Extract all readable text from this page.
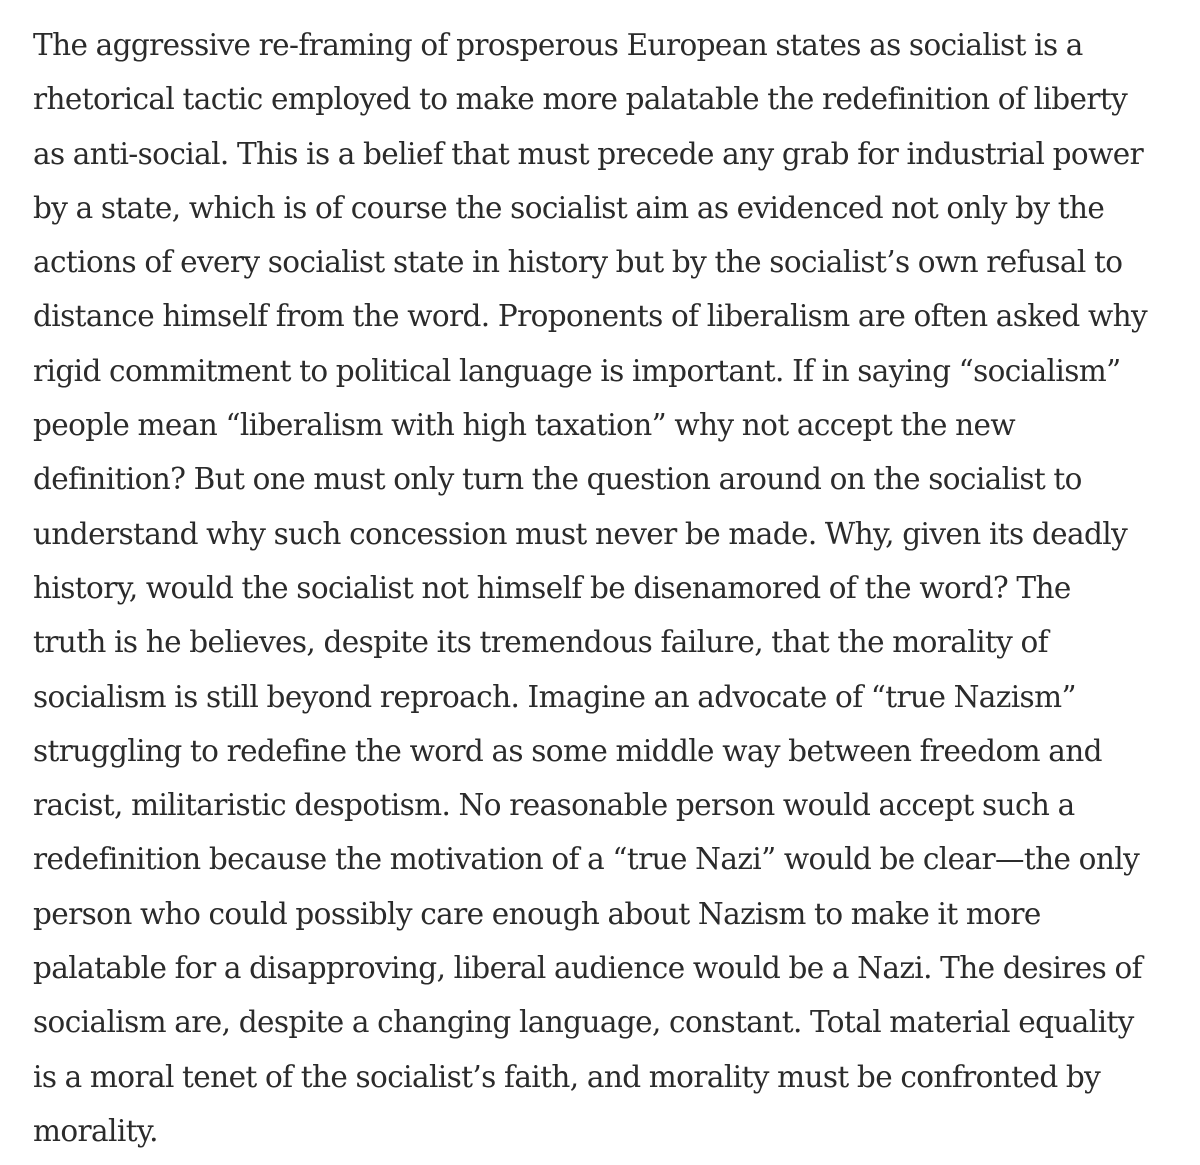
The aggressive re-framing of prosperous European states as socialist is a
rhetorical tactic employed to make more palatable the redefinition of liberty
as anti-social. This is a belief that must precede any grab for industrial power
by a state, which is of course the socialist aim as evidenced not only by the
actions of every socialist state in history but by the socialist’s own refusal to
distance himself from the word. Proponents of liberalism are often asked why
rigid commitment to political language is important. If in saying “socialism”
people mean “liberalism with high taxation” why not accept the new
definition? But one must only turn the question around on the socialist to
understand why such concession must never be made. Why, given its deadly
history, would the socialist not himself be disenamored of the word? The
truth is he believes, despite its tremendous failure, that the morality of
socialism is still beyond reproach. Imagine an advocate of “true Nazism”
struggling to redefine the word as some middle way between freedom and
racist, militaristic despotism. No reasonable person would accept such a
redefinition because the motivation of a “true Nazi” would be clear—the only
person who could possibly care enough about Nazism to make it more
palatable for a disapproving, liberal audience would be a Nazi. The desires of
socialism are, despite a changing language, constant. Total material equality
is a moral tenet of the socialist’s faith, and morality must be confronted by
morality.
